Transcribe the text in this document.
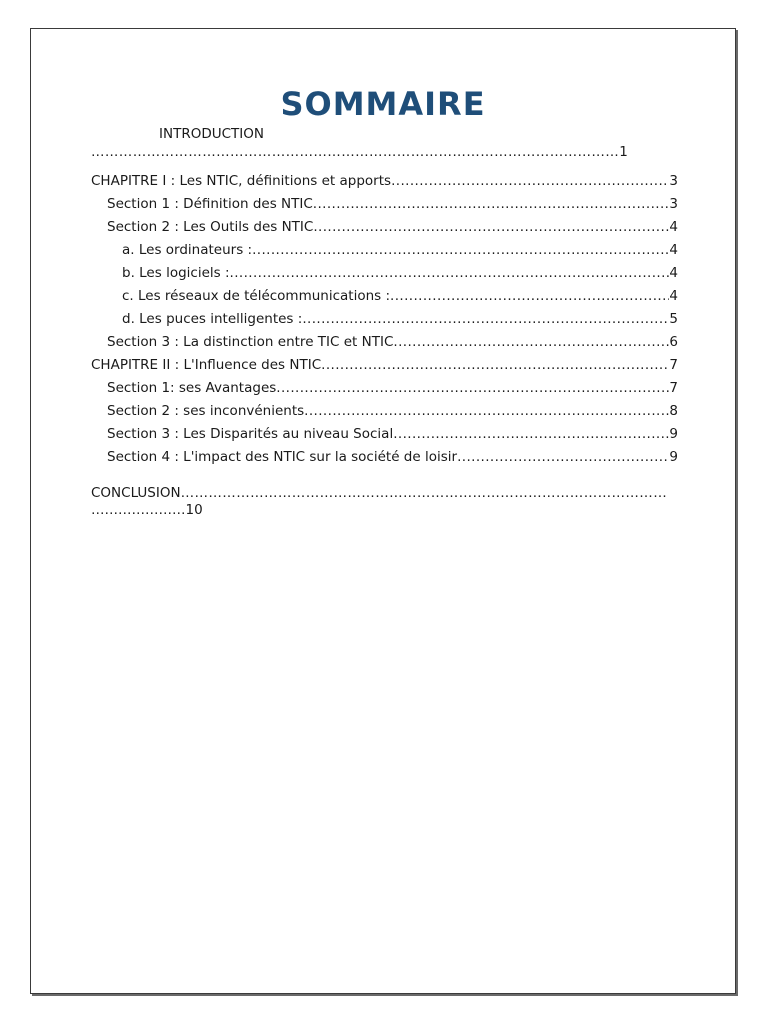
SOMMAIRE
INTRODUCTION
……………………………………………………………………………………………………1
CHAPITRE I : Les NTIC, définitions et apports .....	3
Section 1 : Définition des NTIC .....	3
Section 2 : Les Outils des NTIC .....	4
a. Les ordinateurs : .....	4
b. Les logiciels : .....	4
c. Les réseaux de télécommunications : .....	4
d. Les puces intelligentes : .....	5
Section 3 : La distinction entre TIC et NTIC .....	6
CHAPITRE II : L'Influence des NTIC .....	7
Section 1: ses Avantages .....	7
Section 2 : ses inconvénients .....	8
Section 3 : Les Disparités au niveau Social .....	9
Section 4 : L'impact des NTIC sur la société de loisir .....	9
CONCLUSION……………………………………………………………………………………………
…………………10
